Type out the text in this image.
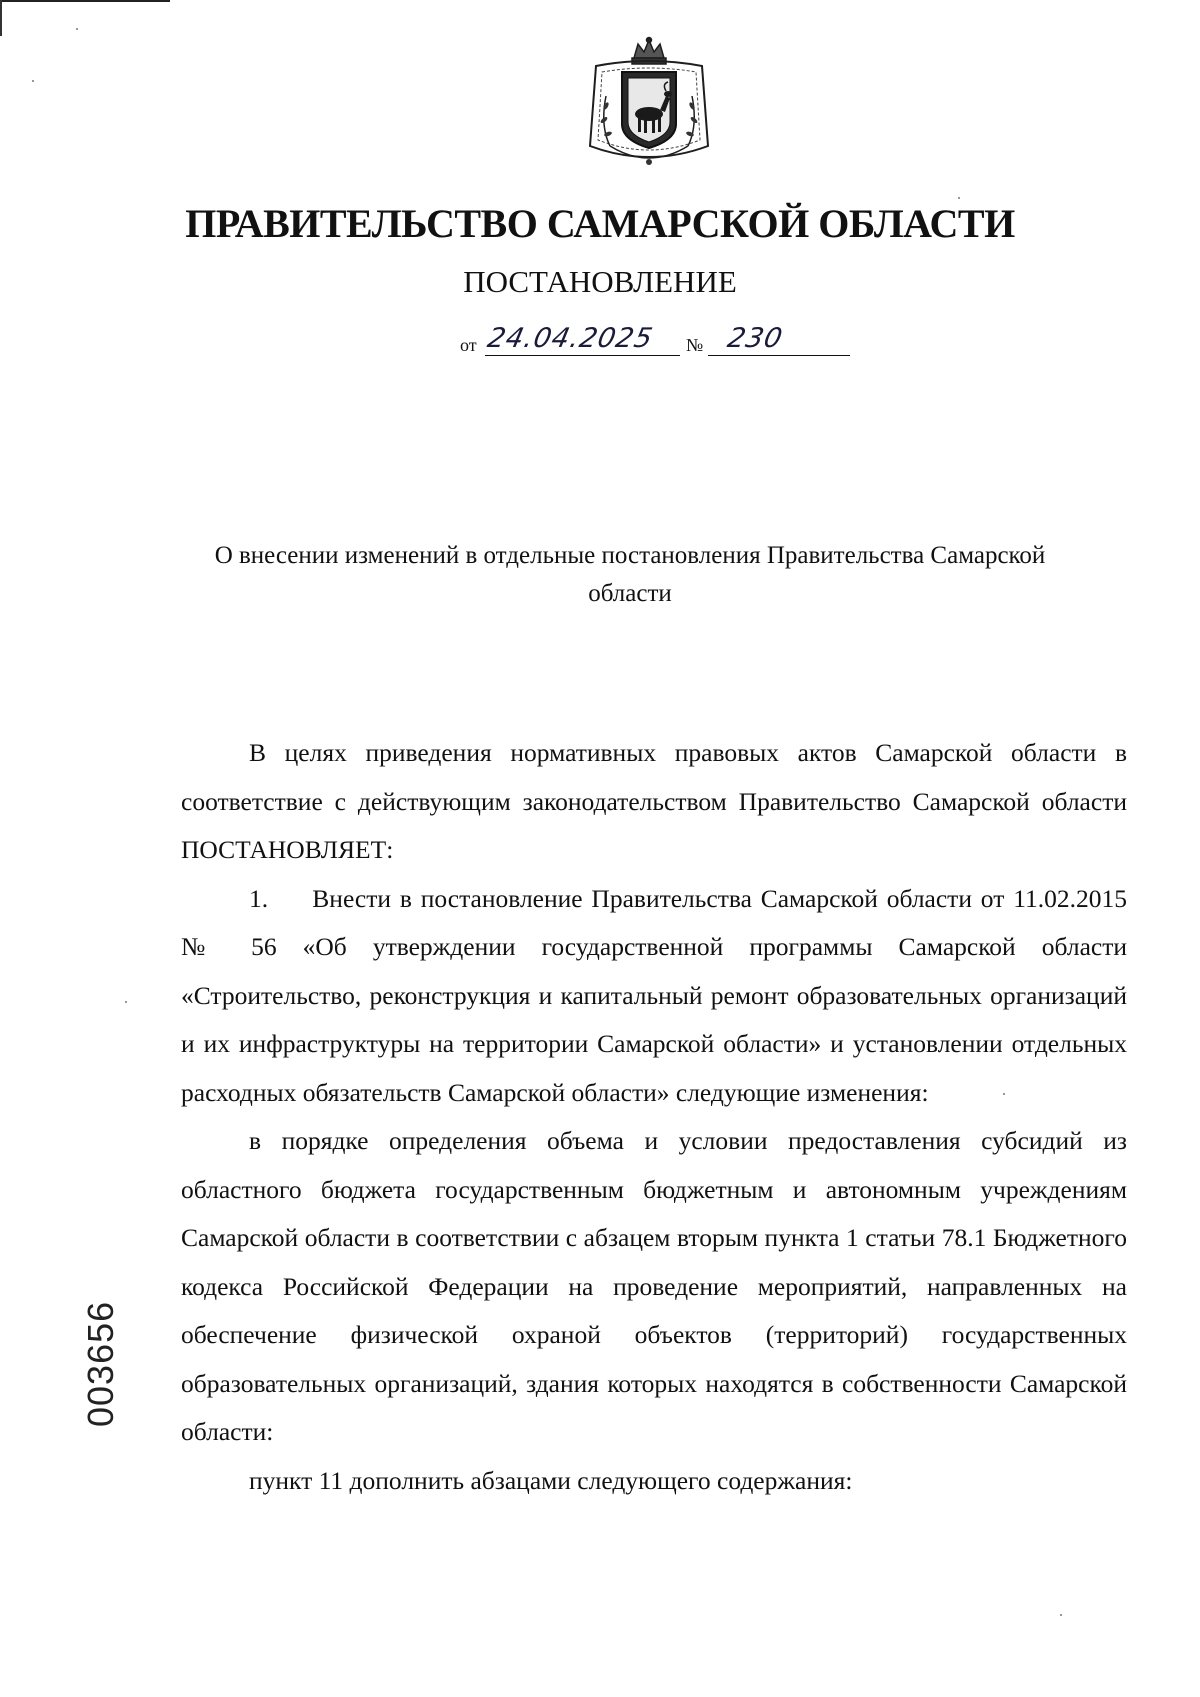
ПРАВИТЕЛЬСТВО САМАРСКОЙ ОБЛАСТИ
ПОСТАНОВЛЕНИЕ
от 24.04.2025 № 230
О внесении изменений в отдельные постановления Правительства Самарской области

В целях приведения нормативных правовых актов Самарской области в соответствие с действующим законодательством Правительство Самарской области ПОСТАНОВЛЯЕТ:

1.     Внести в постановление Правительства Самарской области от 11.02.2015 № 56 «Об утверждении государственной программы Самарской области «Строительство, реконструкция и капитальный ремонт образовательных организаций и их инфраструктуры на территории Самарской области» и установлении отдельных расходных обязательств Самарской области» следующие изменения:

в порядке определения объема и условии предоставления субсидий из областного бюджета государственным бюджетным и автономным учреждениям Самарской области в соответствии с абзацем вторым пункта 1 статьи 78.1 Бюджетного кодекса Российской Федерации на проведение мероприятий, направленных на обеспечение физической охраной объектов (территорий) государственных образовательных организаций, здания которых находятся в собственности Самарской области:

пункт 11 дополнить абзацами следующего содержания:

003656
